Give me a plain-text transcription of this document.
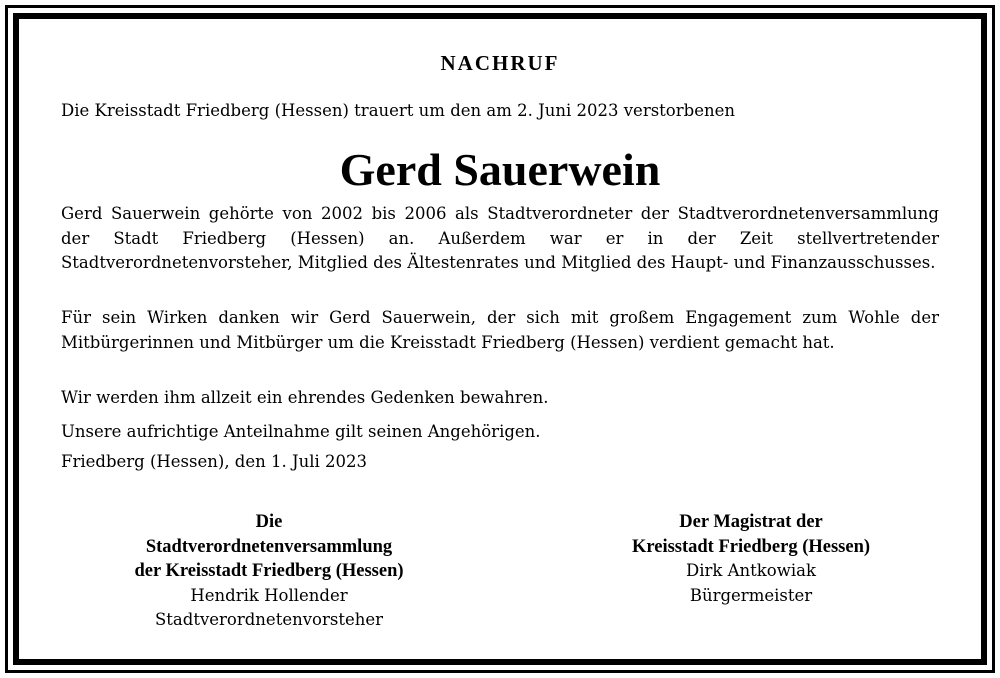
NACHRUF
Die Kreisstadt Friedberg (Hessen) trauert um den am 2. Juni 2023 verstorbenen
Gerd Sauerwein
Gerd Sauerwein gehörte von 2002 bis 2006 als Stadtverordneter der Stadtverordnetenversammlung der Stadt Friedberg (Hessen) an. Außerdem war er in der Zeit stellvertretender Stadtverordnetenvorsteher, Mitglied des Ältestenrates und Mitglied des Haupt- und Finanzausschusses.
Für sein Wirken danken wir Gerd Sauerwein, der sich mit großem Engagement zum Wohle der Mitbürgerinnen und Mitbürger um die Kreisstadt Friedberg (Hessen) verdient gemacht hat.
Wir werden ihm allzeit ein ehrendes Gedenken bewahren.
Unsere aufrichtige Anteilnahme gilt seinen Angehörigen.
Friedberg (Hessen), den 1. Juli 2023
Die
Stadtverordnetenversammlung
der Kreisstadt Friedberg (Hessen)
Hendrik Hollender
Stadtverordnetenvorsteher
Der Magistrat der
Kreisstadt Friedberg (Hessen)
Dirk Antkowiak
Bürgermeister
